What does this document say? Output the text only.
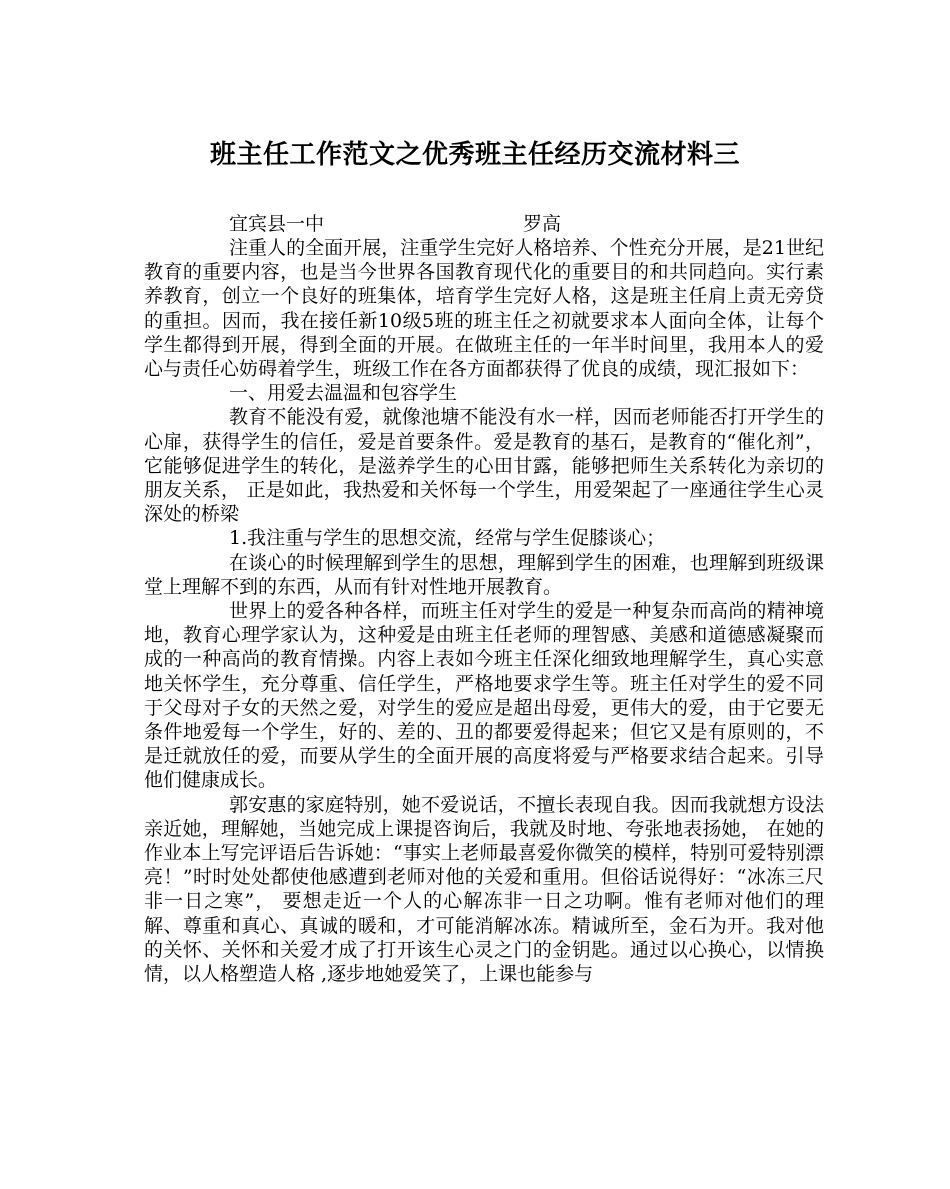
班主任工作范文之优秀班主任经历交流材料三
宜宾县一中	罗高

注重人的全面开展，注重学生完好人格培养、个性充分开展，是21世纪教育的重要内容，也是当今世界各国教育现代化的重要目的和共同趋向。实行素养教育，创立一个良好的班集体，培育学生完好人格，这是班主任肩上责无旁贷的重担。因而，我在接任新10级5班的班主任之初就要求本人面向全体，让每个学生都得到开展，得到全面的开展。在做班主任的一年半时间里，我用本人的爱心与责任心妨碍着学生，班级工作在各方面都获得了优良的成绩，现汇报如下：

一、用爱去温温和包容学生

教育不能没有爱，就像池塘不能没有水一样，因而老师能否打开学生的心扉，获得学生的信任，爱是首要条件。爱是教育的基石，是教育的“催化剂”，它能够促进学生的转化，是滋养学生的心田甘露，能够把师生关系转化为亲切的朋友关系， 正是如此，我热爱和关怀每一个学生，用爱架起了一座通往学生心灵深处的桥梁

1.我注重与学生的思想交流，经常与学生促膝谈心；

在谈心的时候理解到学生的思想，理解到学生的困难，也理解到班级课堂上理解不到的东西，从而有针对性地开展教育。

世界上的爱各种各样，而班主任对学生的爱是一种复杂而高尚的精神境地，教育心理学家认为，这种爱是由班主任老师的理智感、美感和道德感凝聚而成的一种高尚的教育情操。内容上表如今班主任深化细致地理解学生，真心实意地关怀学生，充分尊重、信任学生，严格地要求学生等。班主任对学生的爱不同于父母对子女的天然之爱，对学生的爱应是超出母爱，更伟大的爱，由于它要无条件地爱每一个学生，好的、差的、丑的都要爱得起来；但它又是有原则的，不是迁就放任的爱，而要从学生的全面开展的高度将爱与严格要求结合起来。引导他们健康成长。

郭安惠的家庭特别，她不爱说话，不擅长表现自我。因而我就想方设法亲近她，理解她，当她完成上课提咨询后，我就及时地、夸张地表扬她， 在她的作业本上写完评语后告诉她：“事实上老师最喜爱你微笑的模样，特别可爱特别漂亮！”时时处处都使他感遭到老师对他的关爱和重用。但俗话说得好：“冰冻三尺非一日之寒”， 要想走近一个人的心解冻非一日之功啊。惟有老师对他们的理解、尊重和真心、真诚的暖和，才可能消解冰冻。精诚所至，金石为开。我对他的关怀、关怀和关爱才成了打开该生心灵之门的金钥匙。通过以心换心，以情换情，以人格塑造人格 ,逐步地她爱笑了，上课也能参与
